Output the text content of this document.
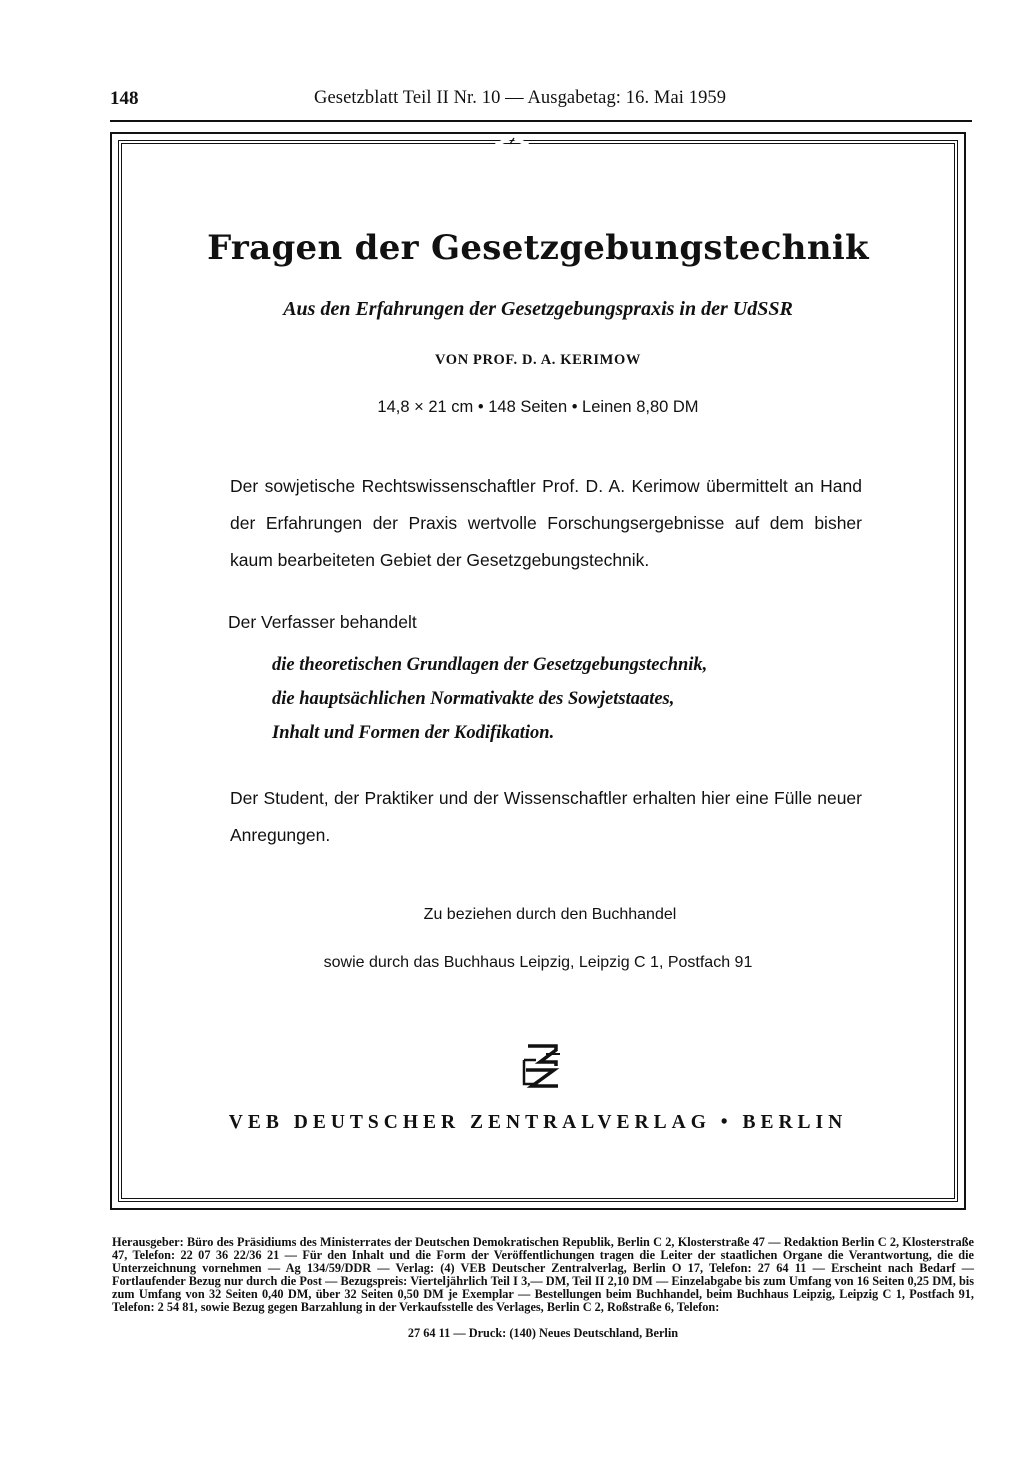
148	Gesetzblatt Teil II Nr. 10 — Ausgabetag: 16. Mai 1959
Fragen der Gesetzgebungstechnik
Aus den Erfahrungen der Gesetzgebungspraxis in der UdSSR
VON PROF. D. A. KERIMOW
14,8 × 21 cm • 148 Seiten • Leinen 8,80 DM
Der sowjetische Rechtswissenschaftler Prof. D. A. Kerimow übermittelt an Hand der Erfahrungen der Praxis wertvolle Forschungsergebnisse auf dem bisher kaum bearbeiteten Gebiet der Gesetzgebungstechnik.
Der Verfasser behandelt
die theoretischen Grundlagen der Gesetzgebungstechnik,
die hauptsächlichen Normativakte des Sowjetstaates,
Inhalt und Formen der Kodifikation.
Der Student, der Praktiker und der Wissenschaftler erhalten hier eine Fülle neuer Anregungen.
Zu beziehen durch den Buchhandel
sowie durch das Buchhaus Leipzig, Leipzig C 1, Postfach 91
VEB DEUTSCHER ZENTRALVERLAG • BERLIN
Herausgeber: Büro des Präsidiums des Ministerrates der Deutschen Demokratischen Republik, Berlin C 2, Klosterstraße 47 — Redaktion Berlin C 2, Klosterstraße 47, Telefon: 22 07 36 22/36 21 — Für den Inhalt und die Form der Veröffentlichungen tragen die Leiter der staatlichen Organe die Verantwortung, die die Unterzeichnung vornehmen — Ag 134/59/DDR — Verlag: (4) VEB Deutscher Zentralverlag, Berlin O 17, Telefon: 27 64 11 — Erscheint nach Bedarf — Fortlaufender Bezug nur durch die Post — Bezugspreis: Vierteljährlich Teil I 3,— DM, Teil II 2,10 DM — Einzelabgabe bis zum Umfang von 16 Seiten 0,25 DM, bis zum Umfang von 32 Seiten 0,40 DM, über 32 Seiten 0,50 DM je Exemplar — Bestellungen beim Buchhandel, beim Buchhaus Leipzig, Leipzig C 1, Postfach 91, Telefon: 2 54 81, sowie Bezug gegen Barzahlung in der Verkaufsstelle des Verlages, Berlin C 2, Roßstraße 6, Telefon:
27 64 11 — Druck: (140) Neues Deutschland, Berlin
